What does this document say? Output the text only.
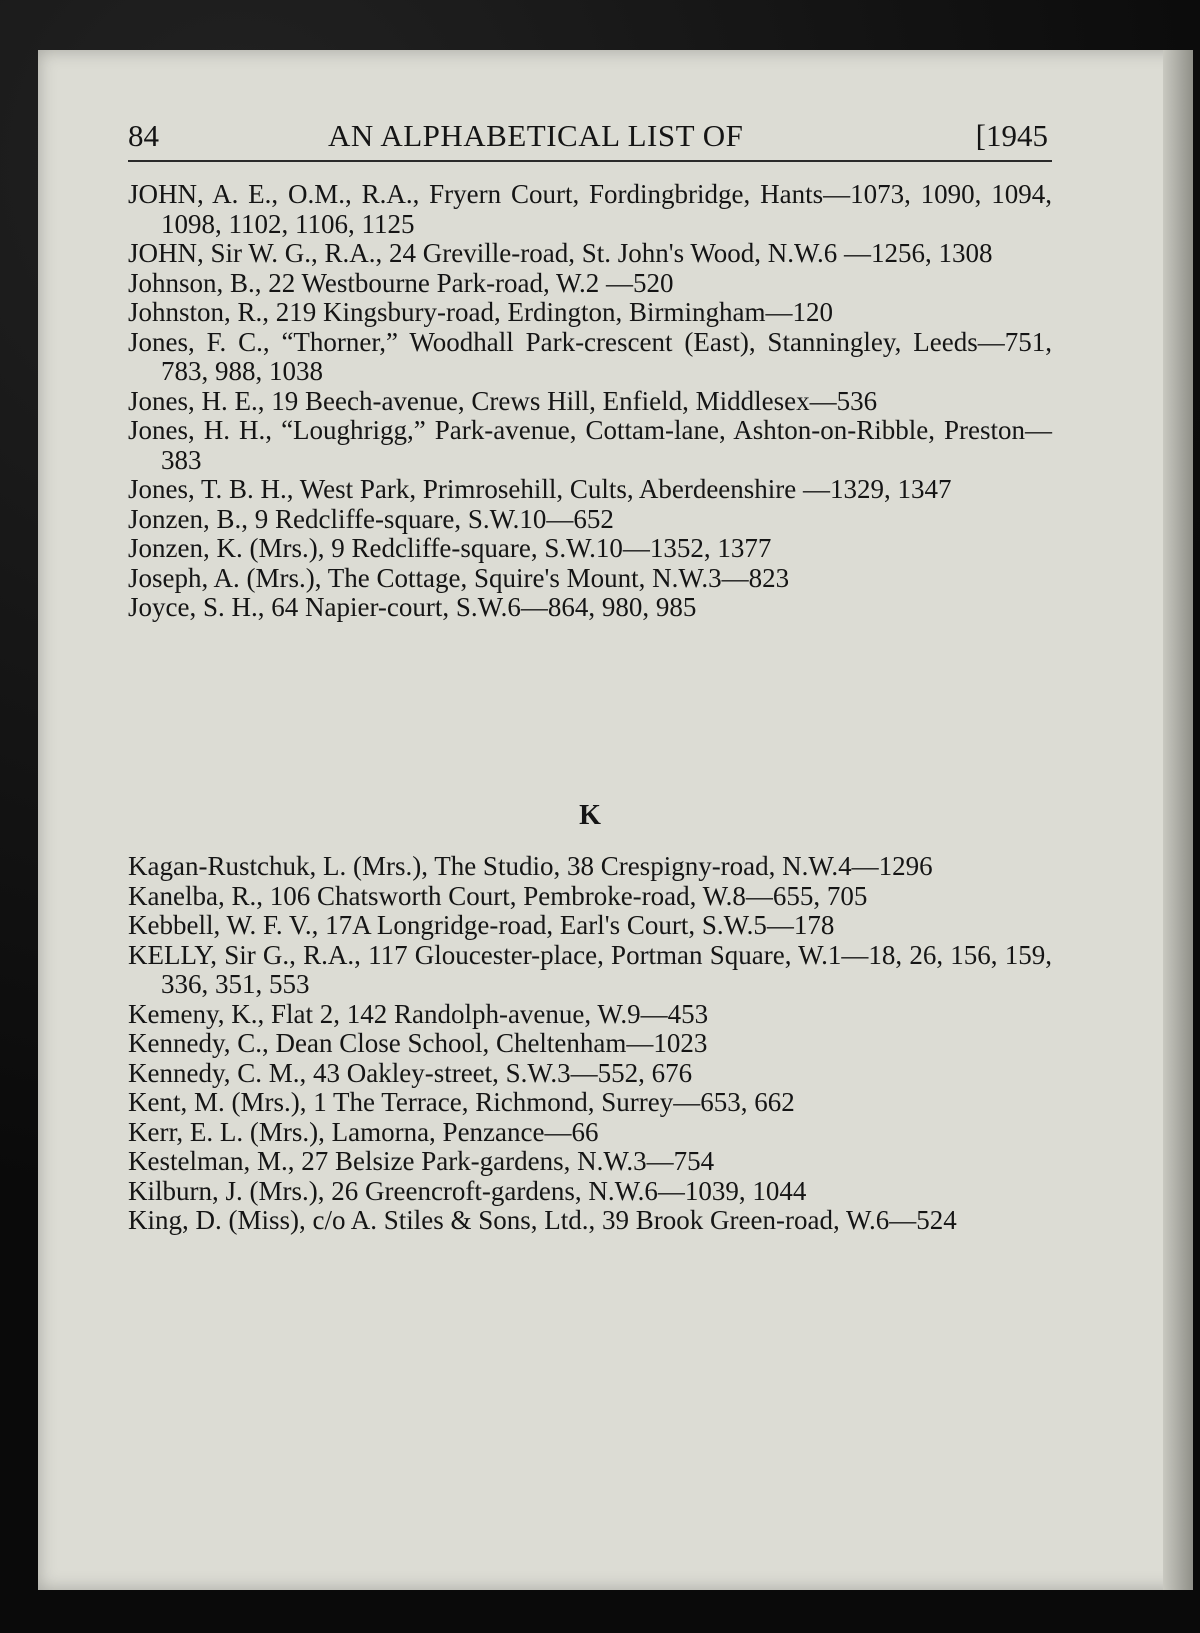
84	AN ALPHABETICAL LIST OF	[1945

JOHN, A. E., O.M., R.A., Fryern Court, Fordingbridge, Hants—1073, 1090, 1094, 1098, 1102, 1106, 1125

JOHN, Sir W. G., R.A., 24 Greville-road, St. John's Wood, N.W.6 —1256, 1308

Johnson, B., 22 Westbourne Park-road, W.2 —520

Johnston, R., 219 Kingsbury-road, Erdington, Birmingham—120

Jones, F. C., “Thorner,” Woodhall Park-crescent (East), Stanningley, Leeds—751, 783, 988, 1038

Jones, H. E., 19 Beech-avenue, Crews Hill, Enfield, Middlesex—536

Jones, H. H., “Loughrigg,” Park-avenue, Cottam-lane, Ashton-on-Ribble, Preston—383

Jones, T. B. H., West Park, Primrosehill, Cults, Aberdeenshire —1329, 1347

Jonzen, B., 9 Redcliffe-square, S.W.10—652

Jonzen, K. (Mrs.), 9 Redcliffe-square, S.W.10—1352, 1377

Joseph, A. (Mrs.), The Cottage, Squire's Mount, N.W.3—823

Joyce, S. H., 64 Napier-court, S.W.6—864, 980, 985

K

Kagan-Rustchuk, L. (Mrs.), The Studio, 38 Crespigny-road, N.W.4—1296

Kanelba, R., 106 Chatsworth Court, Pembroke-road, W.8—655, 705

Kebbell, W. F. V., 17A Longridge-road, Earl's Court, S.W.5—178

KELLY, Sir G., R.A., 117 Gloucester-place, Portman Square, W.1—18, 26, 156, 159, 336, 351, 553

Kemeny, K., Flat 2, 142 Randolph-avenue, W.9—453

Kennedy, C., Dean Close School, Cheltenham—1023

Kennedy, C. M., 43 Oakley-street, S.W.3—552, 676

Kent, M. (Mrs.), 1 The Terrace, Richmond, Surrey—653, 662

Kerr, E. L. (Mrs.), Lamorna, Penzance—66

Kestelman, M., 27 Belsize Park-gardens, N.W.3—754

Kilburn, J. (Mrs.), 26 Greencroft-gardens, N.W.6—1039, 1044

King, D. (Miss), c/o A. Stiles & Sons, Ltd., 39 Brook Green-road, W.6—524
